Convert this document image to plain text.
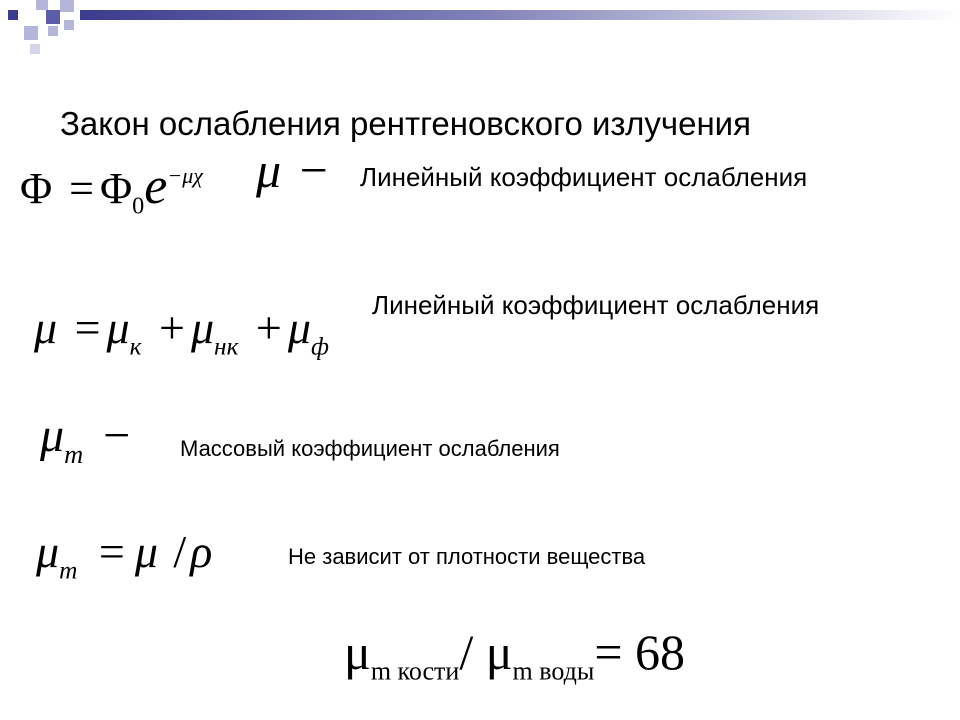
Закон ослабления рентгеновского излучения
$\Phi = \Phi_0e^{-\mu\chi}$ μ − Линейный коэффициент ослабления
Линейный коэффициент ослабления
$\mu = \mu_к + \mu_{нк} + \mu_ф$
$\mu_m$ − Массовый коэффициент ослабления
$\mu_m = \mu$ /ρ	Не зависит от плотности вещества
$\mu_{m кости}/$ $\mu_{m воды}= 68$
